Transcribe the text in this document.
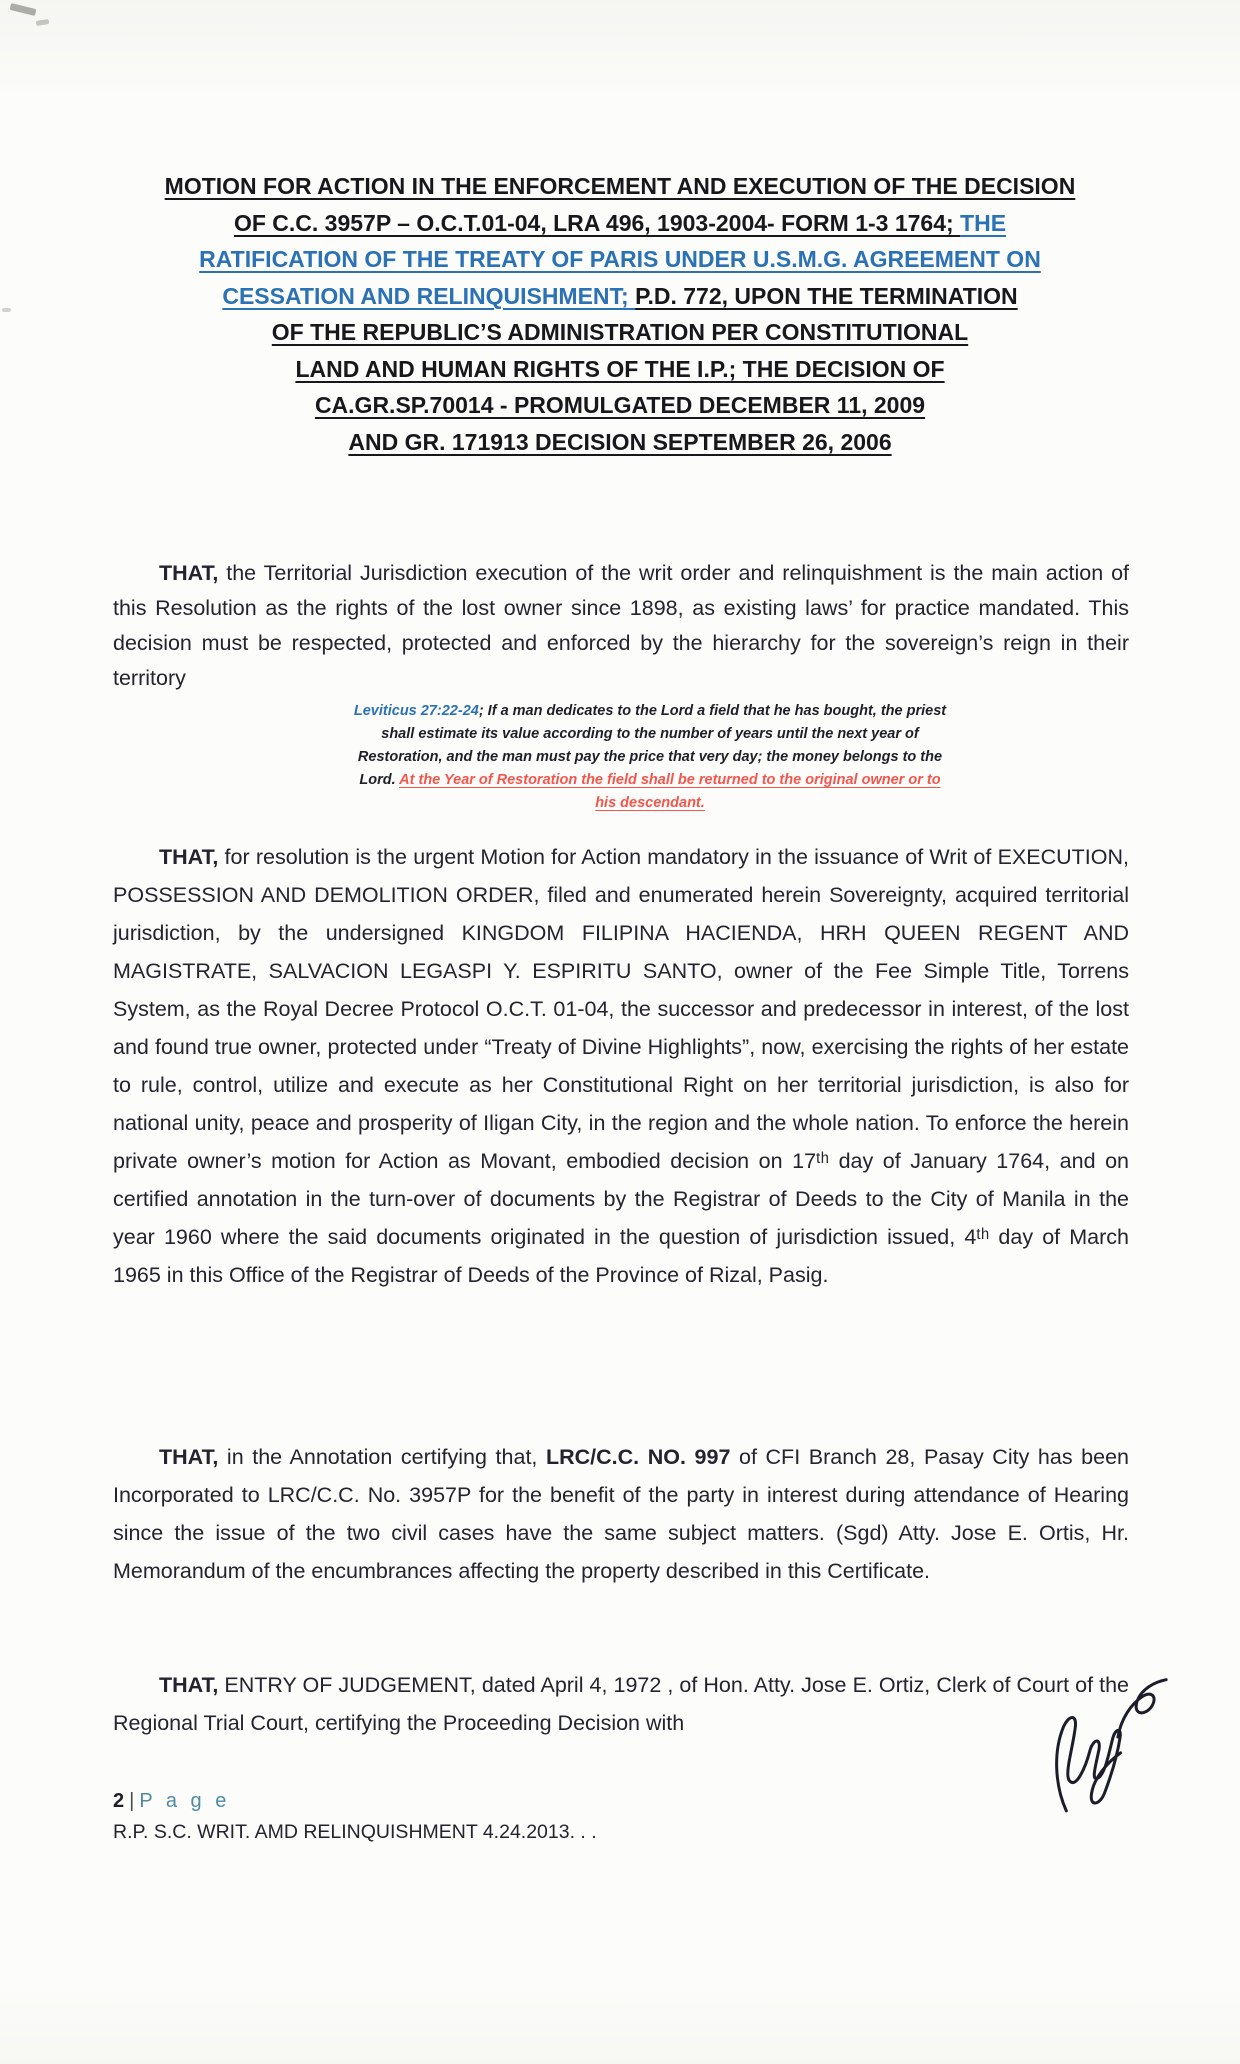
MOTION FOR ACTION IN THE ENFORCEMENT AND EXECUTION OF THE DECISION
OF C.C. 3957P – O.C.T.01-04, LRA 496, 1903-2004- FORM 1-3 1764; THE
RATIFICATION OF THE TREATY OF PARIS UNDER U.S.M.G. AGREEMENT ON
CESSATION AND RELINQUISHMENT; P.D. 772, UPON THE TERMINATION
OF THE REPUBLIC’S ADMINISTRATION PER CONSTITUTIONAL
LAND AND HUMAN RIGHTS OF THE I.P.; THE DECISION OF
CA.GR.SP.70014 - PROMULGATED DECEMBER 11, 2009
AND GR. 171913 DECISION SEPTEMBER 26, 2006
THAT, the Territorial Jurisdiction execution of the writ order and relinquishment is the main action of this Resolution as the rights of the lost owner since 1898, as existing laws’ for practice mandated. This decision must be respected, protected and enforced by the hierarchy for the sovereign’s reign in their territory
Leviticus 27:22-24; If a man dedicates to the Lord a field that he has bought, the priest shall estimate its value according to the number of years until the next year of Restoration, and the man must pay the price that very day; the money belongs to the Lord. At the Year of Restoration the field shall be returned to the original owner or to his descendant.
THAT, for resolution is the urgent Motion for Action mandatory in the issuance of Writ of EXECUTION, POSSESSION AND DEMOLITION ORDER, filed and enumerated herein Sovereignty, acquired territorial jurisdiction, by the undersigned KINGDOM FILIPINA HACIENDA, HRH QUEEN REGENT AND MAGISTRATE, SALVACION LEGASPI Y. ESPIRITU SANTO, owner of the Fee Simple Title, Torrens System, as the Royal Decree Protocol O.C.T. 01-04, the successor and predecessor in interest, of the lost and found true owner, protected under “Treaty of Divine Highlights”, now, exercising the rights of her estate to rule, control, utilize and execute as her Constitutional Right on her territorial jurisdiction, is also for national unity, peace and prosperity of Iligan City, in the region and the whole nation. To enforce the herein private owner’s motion for Action as Movant, embodied decision on 17ᵗʰ day of January 1764, and on certified annotation in the turn-over of documents by the Registrar of Deeds to the City of Manila in the year 1960 where the said documents originated in the question of jurisdiction issued, 4ᵗʰ day of March 1965 in this Office of the Registrar of Deeds of the Province of Rizal, Pasig.
THAT, in the Annotation certifying that, LRC/C.C. NO. 997 of CFI Branch 28, Pasay City has been Incorporated to LRC/C.C. No. 3957P for the benefit of the party in interest during attendance of Hearing since the issue of the two civil cases have the same subject matters. (Sgd) Atty. Jose E. Ortis, Hr. Memorandum of the encumbrances affecting the property described in this Certificate.
THAT, ENTRY OF JUDGEMENT, dated April 4, 1972 , of Hon. Atty. Jose E. Ortiz, Clerk of Court of the Regional Trial Court, certifying the Proceeding Decision with
2 | P a g e
R.P. S.C. WRIT. AMD RELINQUISHMENT 4.24.2013. . .
